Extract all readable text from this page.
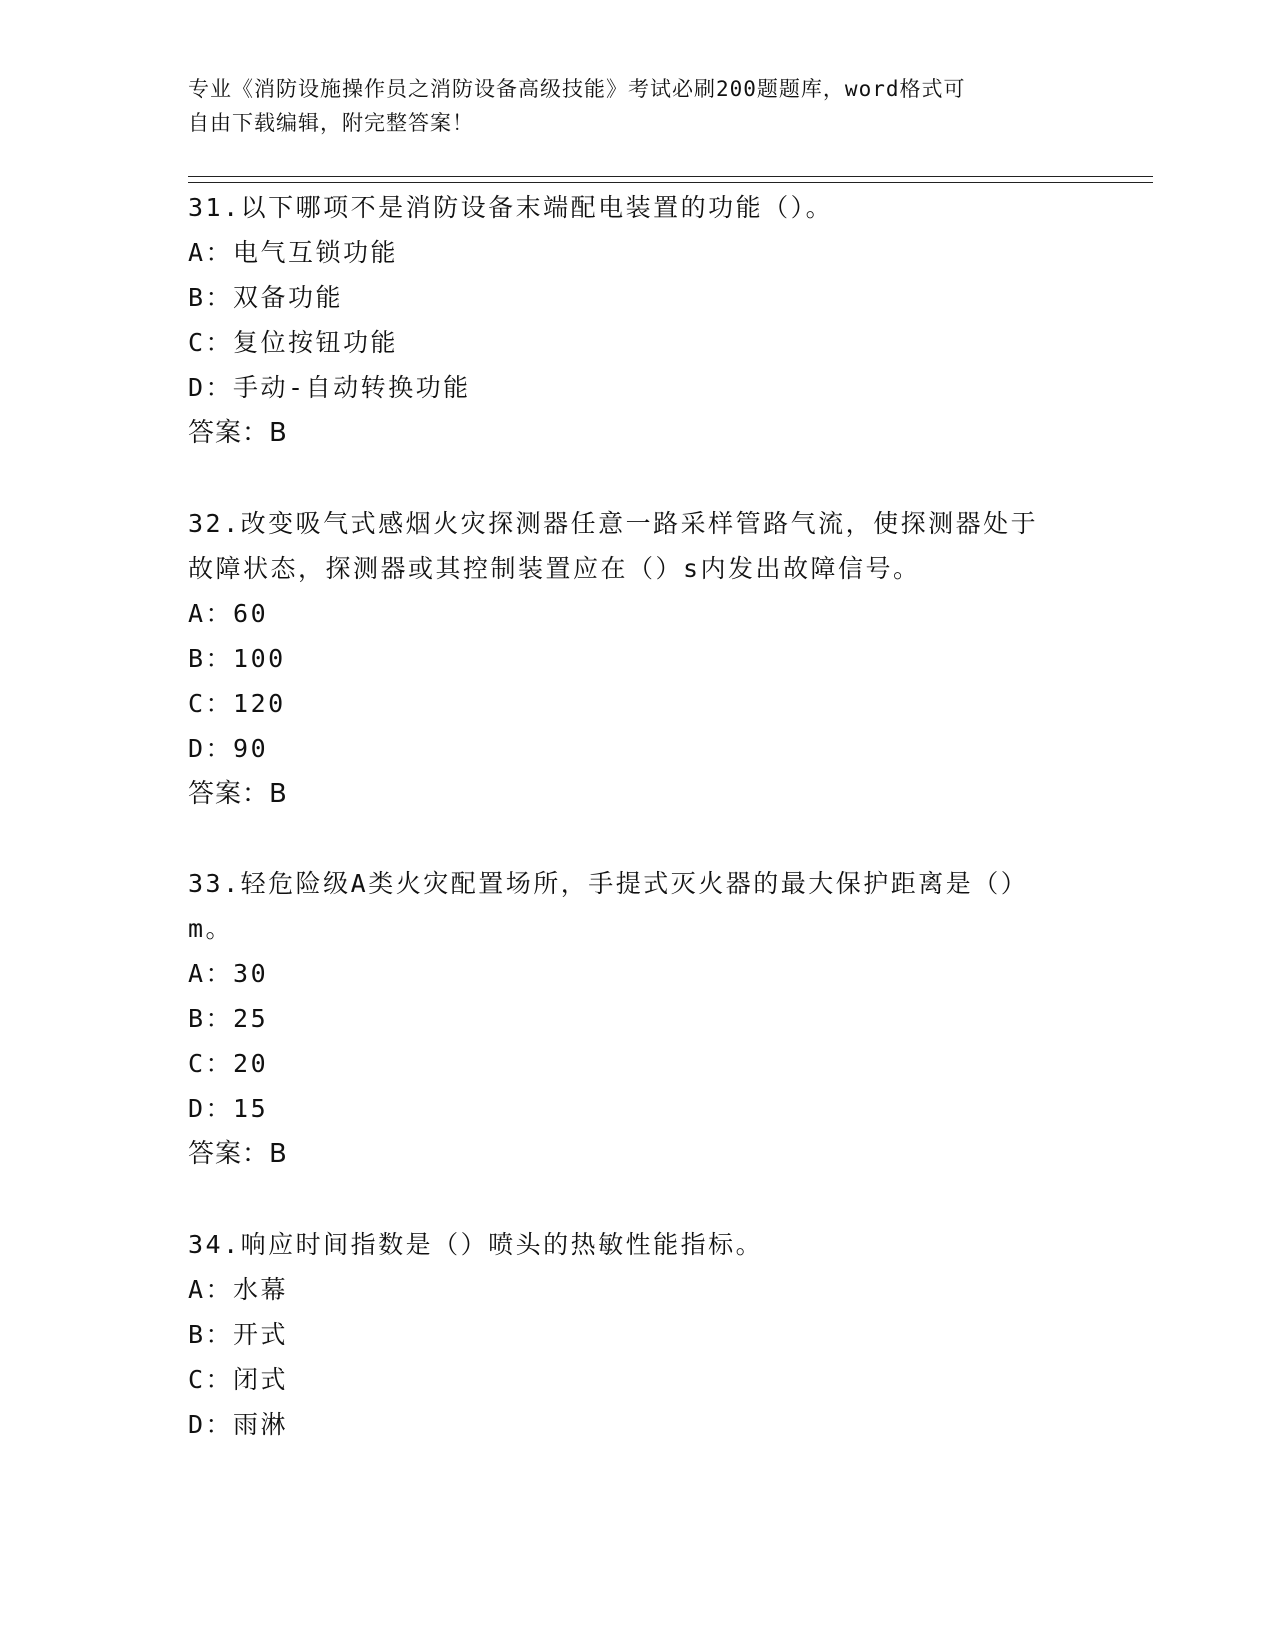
专业《消防设施操作员之消防设备高级技能》考试必刷200题题库，word格式可
自由下载编辑，附完整答案！
31.以下哪项不是消防设备末端配电装置的功能（）。
A：电气互锁功能
B：双备功能
C：复位按钮功能
D：手动-自动转换功能
答案：B
32.改变吸气式感烟火灾探测器任意一路采样管路气流，使探测器处于
故障状态，探测器或其控制装置应在（）s内发出故障信号。
A：60
B：100
C：120
D：90
答案：B
33.轻危险级A类火灾配置场所，手提式灭火器的最大保护距离是（）
m。
A：30
B：25
C：20
D：15
答案：B
34.响应时间指数是（）喷头的热敏性能指标。
A：水幕
B：开式
C：闭式
D：雨淋
